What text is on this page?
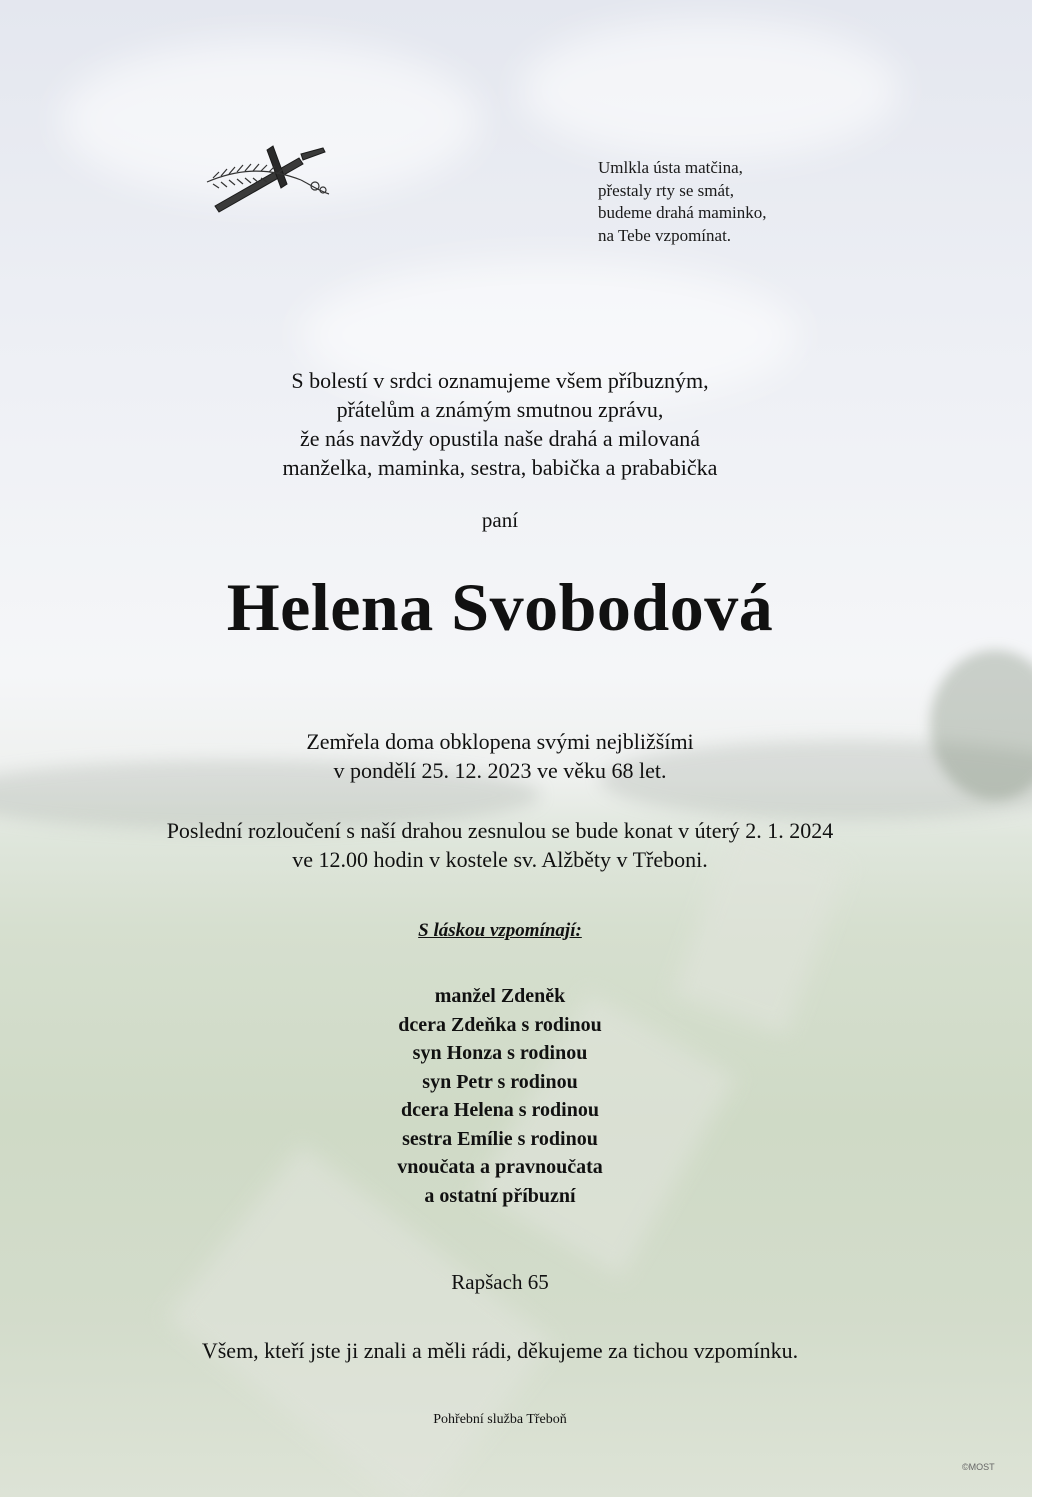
Umlkla ústa matčina,
přestaly rty se smát,
budeme drahá maminko,
na Tebe vzpomínat.
S bolestí v srdci oznamujeme všem příbuzným,
přátelům a známým smutnou zprávu,
že nás navždy opustila naše drahá a milovaná
manželka, maminka, sestra, babička a prababička
paní
Helena Svobodová
Zemřela doma obklopena svými nejbližšími
v pondělí 25. 12. 2023 ve věku 68 let.
Poslední rozloučení s naší drahou zesnulou se bude konat v úterý 2. 1. 2024
ve 12.00 hodin v kostele sv. Alžběty v Třeboni.
S láskou vzpomínají:
manžel Zdeněk
dcera Zdeňka s rodinou
syn Honza s rodinou
syn Petr s rodinou
dcera Helena s rodinou
sestra Emílie s rodinou
vnoučata a pravnoučata
a ostatní příbuzní
Rapšach 65
Všem, kteří jste ji znali a měli rádi, děkujeme za tichou vzpomínku.
Pohřební služba Třeboň
©MOST
